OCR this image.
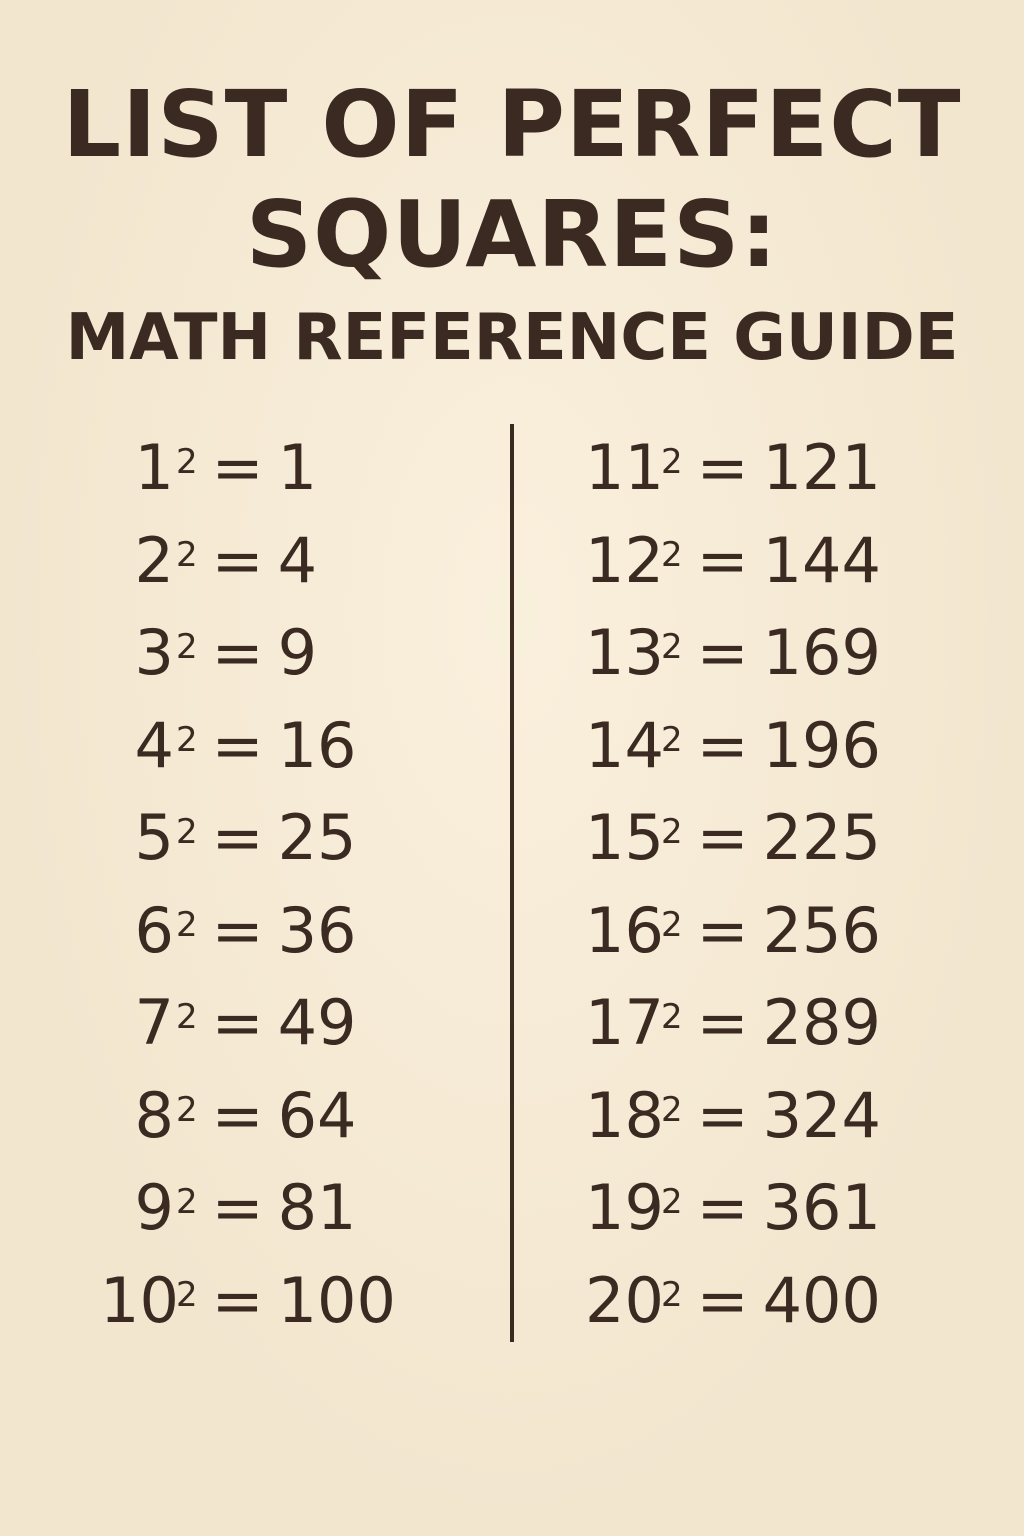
LIST OF PERFECT
SQUARES:
MATH REFERENCE GUIDE
$1^2 = 1$
$2^2 = 4$
$3^2 = 9$
$4^2 = 16$
$5^2 = 25$
$6^2 = 36$
$7^2 = 49$
$8^2 = 64$
$9^2 = 81$
$10^2 = 100$
$11^2 = 121$
$12^2 = 144$
$13^2 = 169$
$14^2 = 196$
$15^2 = 225$
$16^2 = 256$
$17^2 = 289$
$18^2 = 324$
$19^2 = 361$
$20^2 = 400$
